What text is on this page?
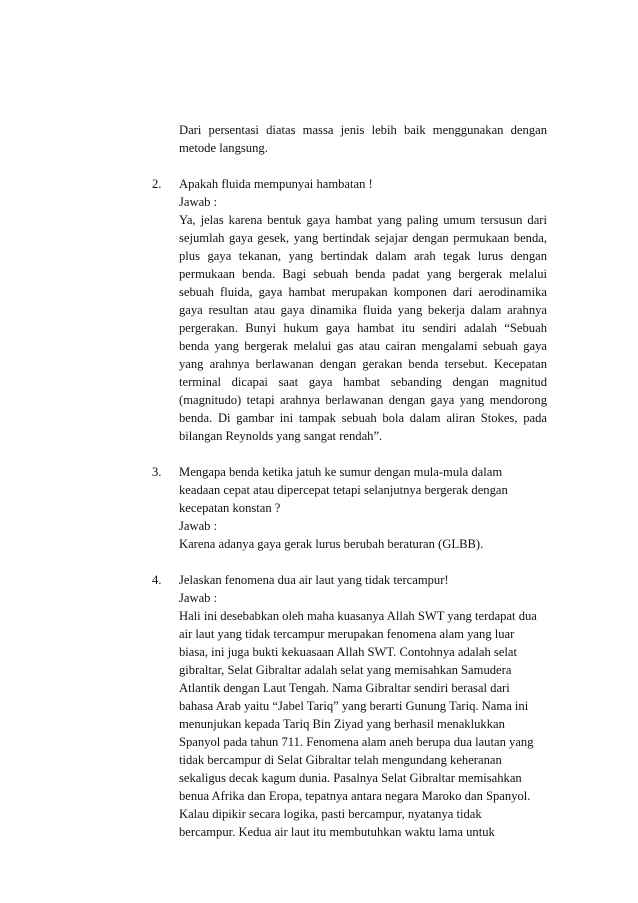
Dari persentasi diatas massa jenis lebih baik menggunakan dengan
metode langsung.
2. Apakah fluida mempunyai hambatan !
Jawab :
Ya, jelas karena bentuk gaya hambat yang paling umum tersusun dari
sejumlah gaya gesek, yang bertindak sejajar dengan permukaan benda,
plus gaya tekanan, yang bertindak dalam arah tegak lurus dengan
permukaan benda. Bagi sebuah benda padat yang bergerak melalui
sebuah fluida, gaya hambat merupakan komponen dari aerodinamika
gaya resultan atau gaya dinamika fluida yang bekerja dalam arahnya
pergerakan. Bunyi hukum gaya hambat itu sendiri adalah “Sebuah
benda yang bergerak melalui gas atau cairan mengalami sebuah gaya
yang arahnya berlawanan dengan gerakan benda tersebut. Kecepatan
terminal dicapai saat gaya hambat sebanding dengan magnitud
(magnitudo) tetapi arahnya berlawanan dengan gaya yang mendorong
benda. Di gambar ini tampak sebuah bola dalam aliran Stokes, pada
bilangan Reynolds yang sangat rendah”.
3. Mengapa benda ketika jatuh ke sumur dengan mula-mula dalam
keadaan cepat atau dipercepat tetapi selanjutnya bergerak dengan
kecepatan konstan ?
Jawab :
Karena adanya gaya gerak lurus berubah beraturan (GLBB).
4. Jelaskan fenomena dua air laut yang tidak tercampur!
Jawab :
Hali ini desebabkan oleh maha kuasanya Allah SWT yang terdapat dua
air laut yang tidak tercampur merupakan fenomena alam yang luar
biasa, ini juga bukti kekuasaan Allah SWT. Contohnya adalah selat
gibraltar, Selat Gibraltar adalah selat yang memisahkan Samudera
Atlantik dengan Laut Tengah. Nama Gibraltar sendiri berasal dari
bahasa Arab yaitu “Jabel Tariq” yang berarti Gunung Tariq. Nama ini
menunjukan kepada Tariq Bin Ziyad yang berhasil menaklukkan
Spanyol pada tahun 711. Fenomena alam aneh berupa dua lautan yang
tidak bercampur di Selat Gibraltar telah mengundang keheranan
sekaligus decak kagum dunia. Pasalnya Selat Gibraltar memisahkan
benua Afrika dan Eropa, tepatnya antara negara Maroko dan Spanyol.
Kalau dipikir secara logika, pasti bercampur, nyatanya tidak
bercampur. Kedua air laut itu membutuhkan waktu lama untuk
